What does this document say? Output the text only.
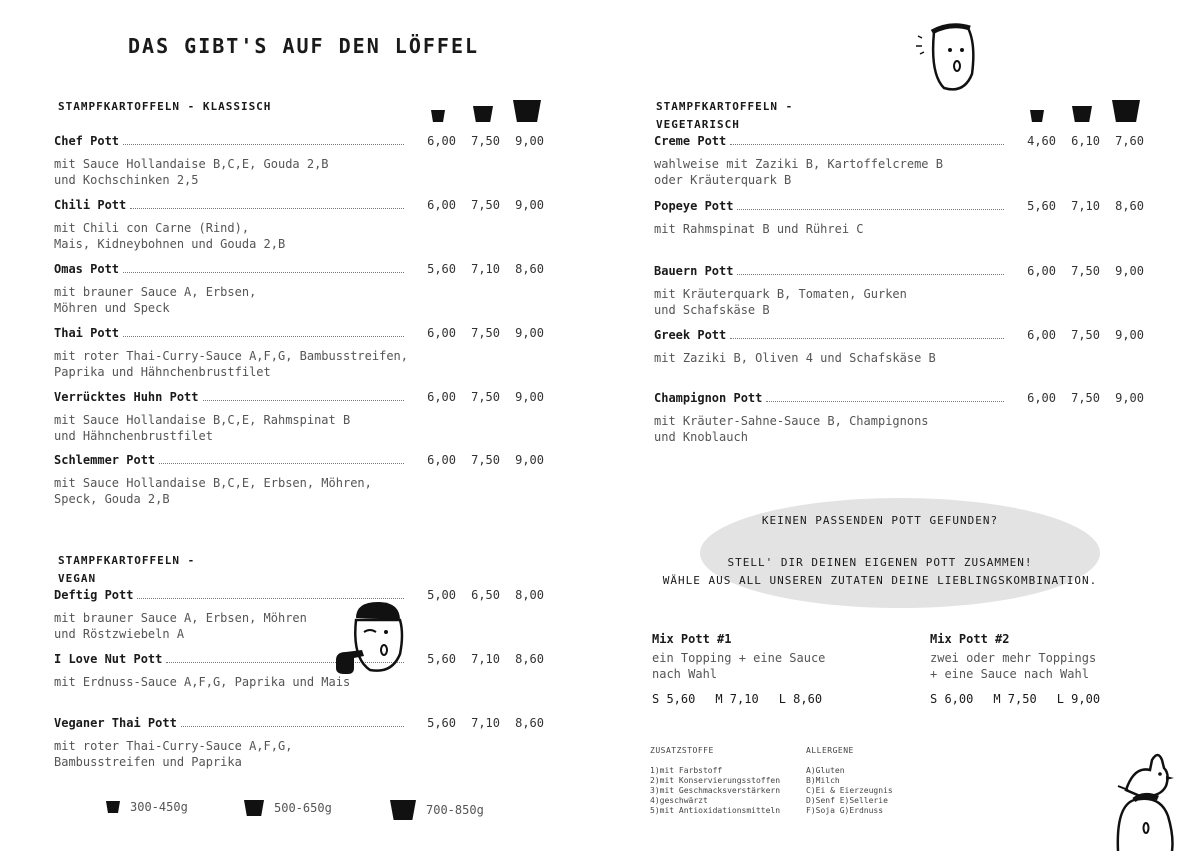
DAS GIBT'S AUF DEN LÖFFEL
STAMPFKARTOFFELN - KLASSISCH
Chef Pott	6,00	7,50	9,00
mit Sauce Hollandaise B,C,E, Gouda 2,B
und Kochschinken 2,5
Chili Pott	6,00	7,50	9,00
mit Chili con Carne (Rind),
Mais, Kidneybohnen und Gouda 2,B
Omas Pott	5,60	7,10	8,60
mit brauner Sauce A, Erbsen,
Möhren und Speck
Thai Pott	6,00	7,50	9,00
mit roter Thai-Curry-Sauce A,F,G, Bambusstreifen,
Paprika und Hähnchenbrustfilet
Verrücktes Huhn Pott	6,00	7,50	9,00
mit Sauce Hollandaise B,C,E, Rahmspinat B
und Hähnchenbrustfilet
Schlemmer Pott	6,00	7,50	9,00
mit Sauce Hollandaise B,C,E, Erbsen, Möhren,
Speck, Gouda 2,B
STAMPFKARTOFFELN - VEGAN
Deftig Pott	5,00	6,50	8,00
mit brauner Sauce A, Erbsen, Möhren
und Röstzwiebeln A
I Love Nut Pott	5,60	7,10	8,60
mit Erdnuss-Sauce A,F,G, Paprika und Mais
Veganer Thai Pott	5,60	7,10	8,60
mit roter Thai-Curry-Sauce A,F,G,
Bambusstreifen und Paprika
STAMPFKARTOFFELN - VEGETARISCH
Creme Pott	4,60	6,10	7,60
wahlweise mit Zaziki B, Kartoffelcreme B
oder Kräuterquark B
Popeye Pott	5,60	7,10	8,60
mit Rahmspinat B und Rührei C
Bauern Pott	6,00	7,50	9,00
mit Kräuterquark B, Tomaten, Gurken
und Schafskäse B
Greek Pott	6,00	7,50	9,00
mit Zaziki B, Oliven 4 und Schafskäse B
Champignon Pott	6,00	7,50	9,00
mit Kräuter-Sahne-Sauce B, Champignons
und Knoblauch
KEINEN PASSENDEN POTT GEFUNDEN?
STELL' DIR DEINEN EIGENEN POTT ZUSAMMEN!
WÄHLE AUS ALL UNSEREN ZUTATEN DEINE LIEBLINGSKOMBINATION.
Mix Pott #1
ein Topping + eine Sauce
nach Wahl
S 5,60 M 7,10 L 8,60
Mix Pott #2
zwei oder mehr Toppings
+ eine Sauce nach Wahl
S 6,00 M 7,50 L 9,00
300-450g	500-650g	700-850g
ZUSATZSTOFFE
1)mit Farbstoff
2)mit Konservierungsstoffen
3)mit Geschmacksverstärkern
4)geschwärzt
5)mit Antioxidationsmitteln
ALLERGENE
A)Gluten
B)Milch
C)Ei & Eierzeugnis
D)Senf E)Sellerie
F)Soja G)Erdnuss
